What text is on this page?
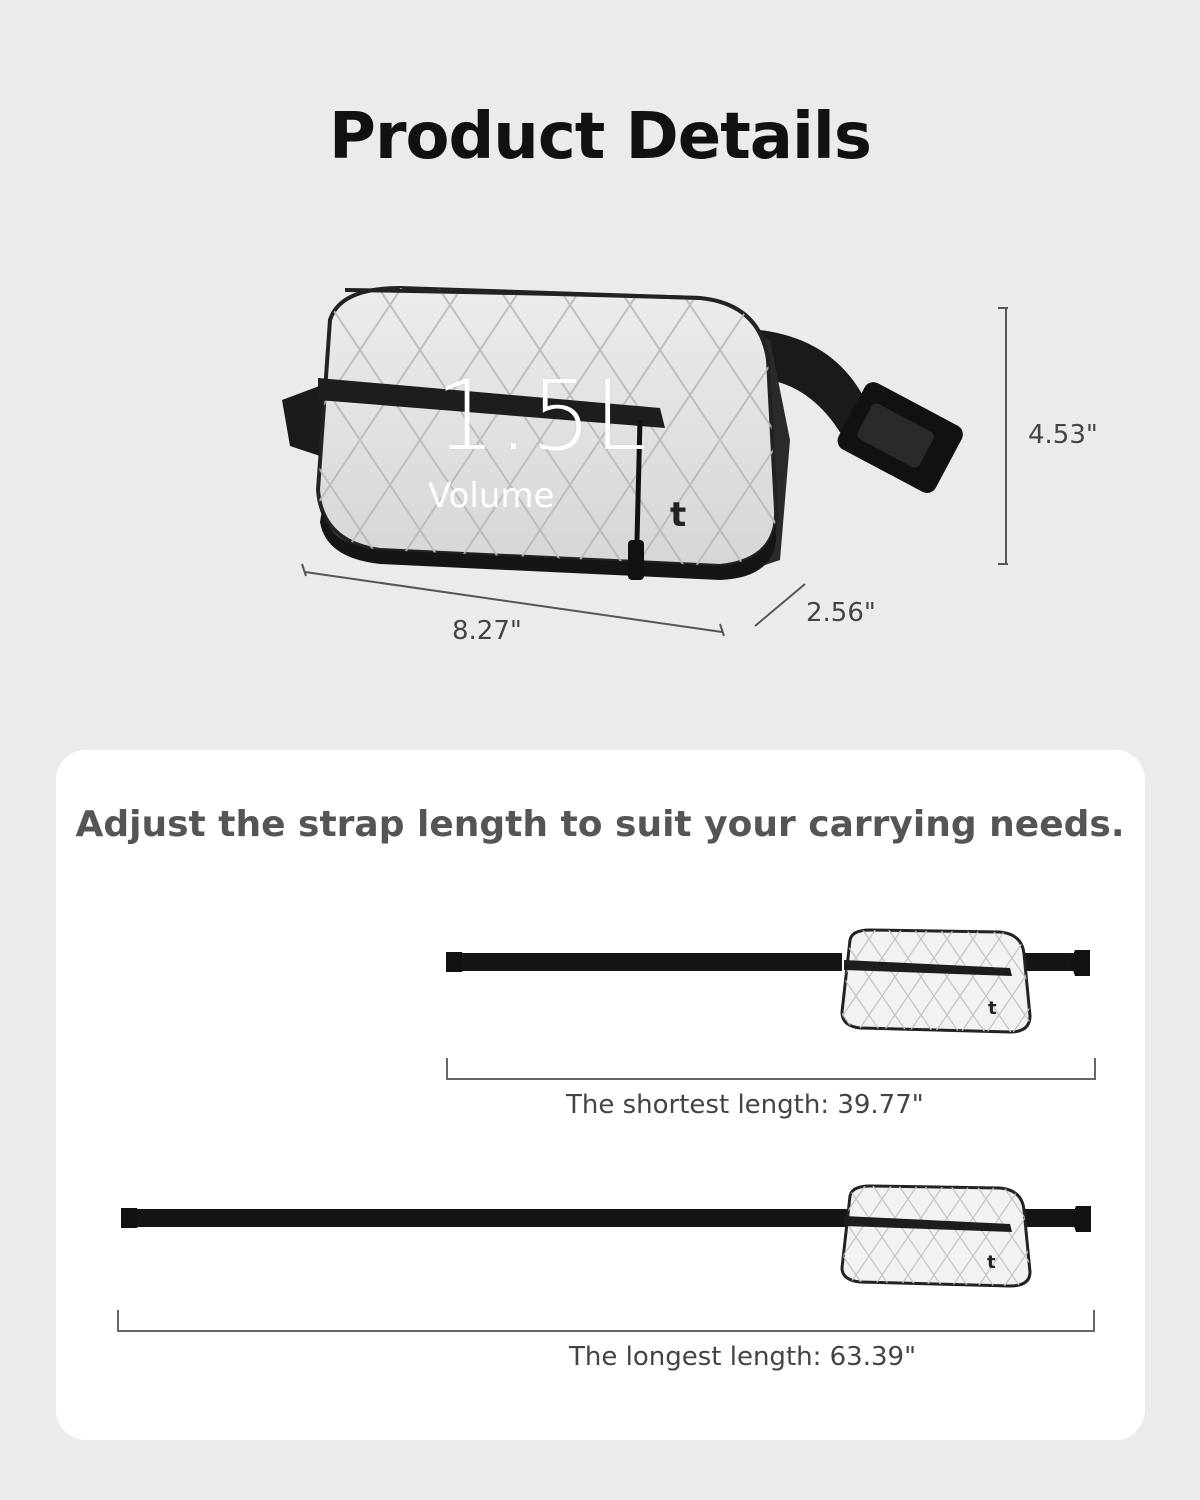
Product Details
t
1.5L
Volume
4.53"
8.27"
2.56"
Adjust the strap length to suit your carrying needs.
t
The shortest length: 39.77"
t
The longest length: 63.39"
